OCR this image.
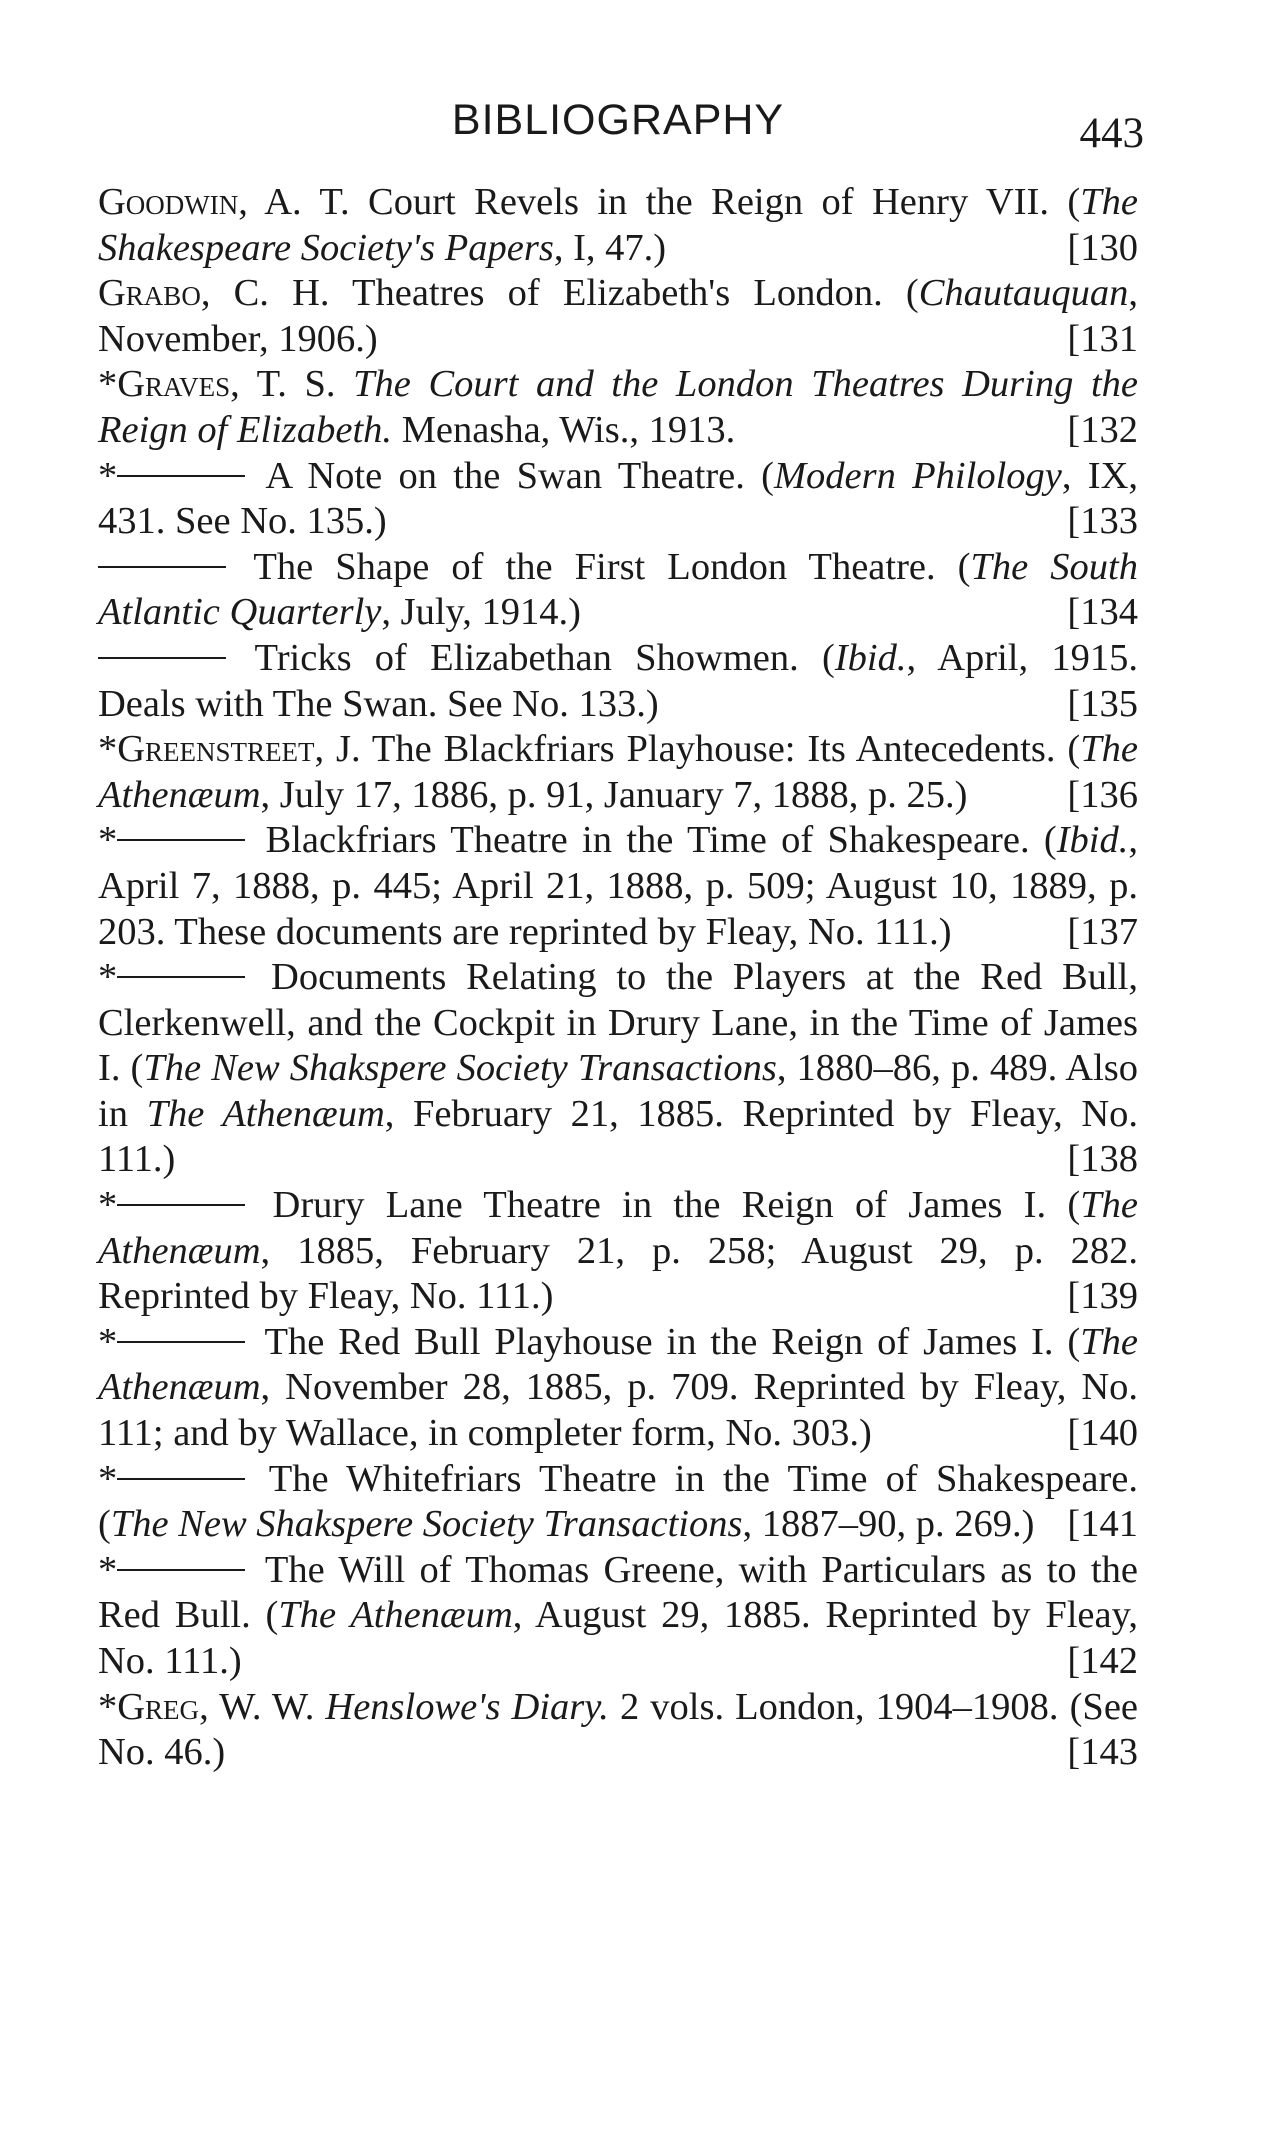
BIBLIOGRAPHY	443

Goodwin, A. T. Court Revels in the Reign of Henry VII. (The Shakespeare Society's Papers, I, 47.)	[130

Grabo, C. H. Theatres of Elizabeth's London. (Chautauquan, November, 1906.)	[131

*Graves, T. S. The Court and the London Theatres During the Reign of Elizabeth. Menasha, Wis., 1913.	[132

*	A Note on the Swan Theatre. (Modern Philology, IX, 431. See No. 135.)	[133

The Shape of the First London Theatre. (The South Atlantic Quarterly, July, 1914.)	[134

Tricks of Elizabethan Showmen. (Ibid., April, 1915. Deals with The Swan. See No. 133.)	[135

*Greenstreet, J. The Blackfriars Playhouse: Its Antecedents. (The Athenæum, July 17, 1886, p. 91, January 7, 1888, p. 25.)	[136

*	Blackfriars Theatre in the Time of Shakespeare. (Ibid., April 7, 1888, p. 445; April 21, 1888, p. 509; August 10, 1889, p. 203. These documents are reprinted by Fleay, No. 111.)	[137

*	Documents Relating to the Players at the Red Bull, Clerkenwell, and the Cockpit in Drury Lane, in the Time of James I. (The New Shakspere Society Transactions, 1880–86, p. 489. Also in The Athenæum, February 21, 1885. Reprinted by Fleay, No. 111.)	[138

*	Drury Lane Theatre in the Reign of James I. (The Athenæum, 1885, February 21, p. 258; August 29, p. 282. Reprinted by Fleay, No. 111.)	[139

*	The Red Bull Playhouse in the Reign of James I. (The Athenæum, November 28, 1885, p. 709. Reprinted by Fleay, No. 111; and by Wallace, in completer form, No. 303.)	[140

*	The Whitefriars Theatre in the Time of Shakespeare. (The New Shakspere Society Transactions, 1887–90, p. 269.) [141

*	The Will of Thomas Greene, with Particulars as to the Red Bull. (The Athenæum, August 29, 1885. Reprinted by Fleay, No. 111.)	[142

*Greg, W. W. Henslowe's Diary. 2 vols. London, 1904–1908. (See No. 46.)	[143
